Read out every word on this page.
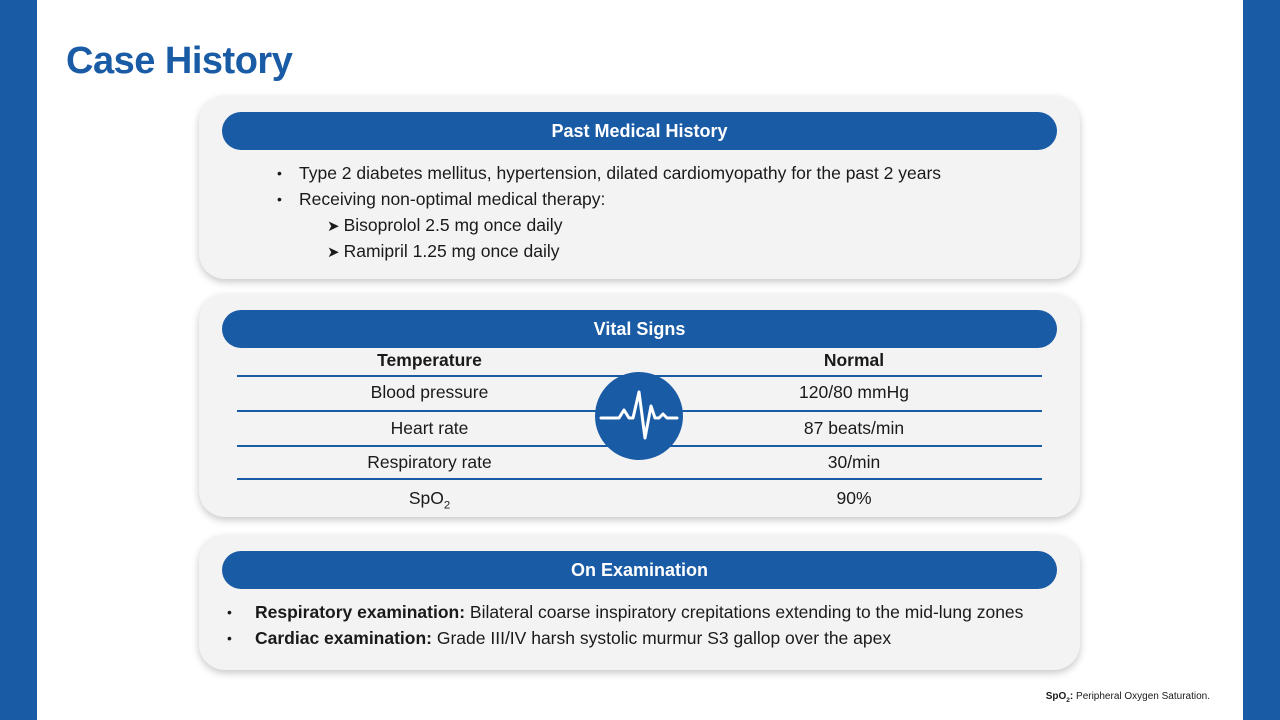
Case History
Past Medical History
• Type 2 diabetes mellitus, hypertension, dilated cardiomyopathy for the past 2 years
• Receiving non-optimal medical therapy:
➤ Bisoprolol 2.5 mg once daily
➤ Ramipril 1.25 mg once daily
Vital Signs
Temperature	Normal
Blood pressure	120/80 mmHg
Heart rate	87 beats/min
Respiratory rate	30/min
SpO$_2$	90%
On Examination
• Respiratory examination: Bilateral coarse inspiratory crepitations extending to the mid-lung zones
• Cardiac examination: Grade III/IV harsh systolic murmur S3 gallop over the apex
SpO$_2$: Peripheral Oxygen Saturation.
